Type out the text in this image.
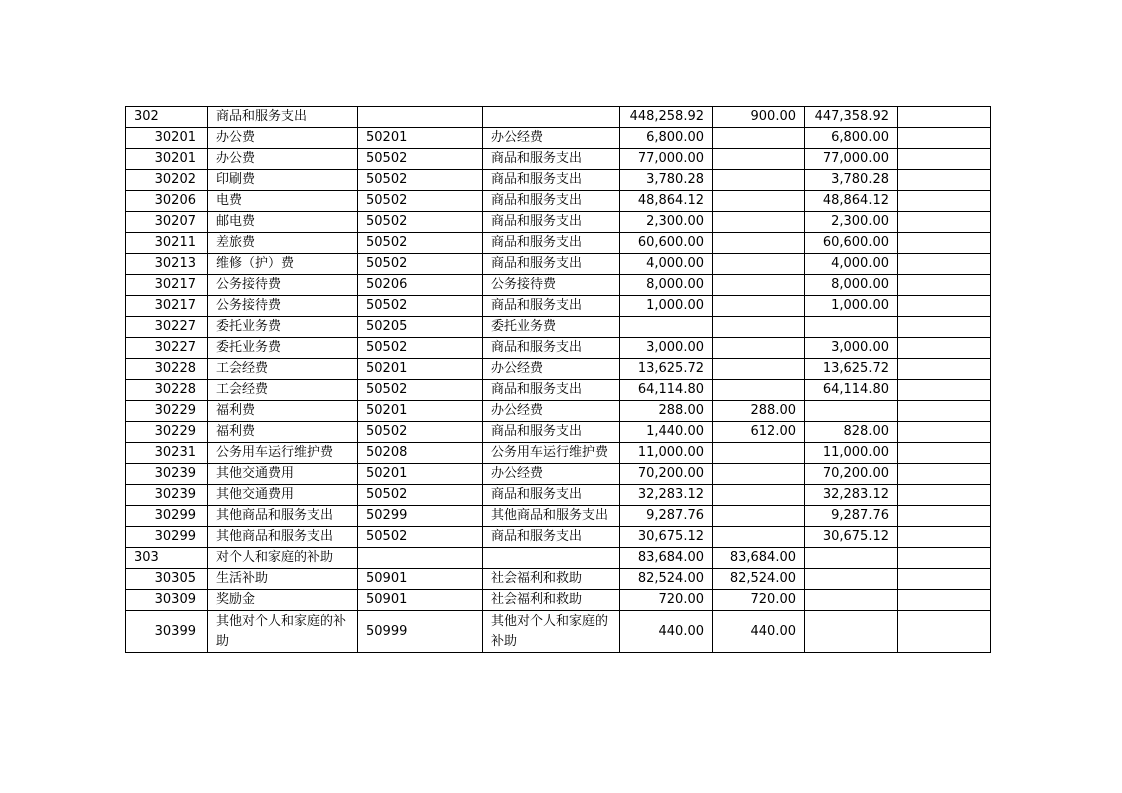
302	商品和服务支出			448,258.92	900.00	447,358.92	
30201	办公费	50201	办公经费	6,800.00		6,800.00	
30201	办公费	50502	商品和服务支出	77,000.00		77,000.00	
30202	印刷费	50502	商品和服务支出	3,780.28		3,780.28	
30206	电费	50502	商品和服务支出	48,864.12		48,864.12	
30207	邮电费	50502	商品和服务支出	2,300.00		2,300.00	
30211	差旅费	50502	商品和服务支出	60,600.00		60,600.00	
30213	维修（护）费	50502	商品和服务支出	4,000.00		4,000.00	
30217	公务接待费	50206	公务接待费	8,000.00		8,000.00	
30217	公务接待费	50502	商品和服务支出	1,000.00		1,000.00	
30227	委托业务费	50205	委托业务费				
30227	委托业务费	50502	商品和服务支出	3,000.00		3,000.00	
30228	工会经费	50201	办公经费	13,625.72		13,625.72	
30228	工会经费	50502	商品和服务支出	64,114.80		64,114.80	
30229	福利费	50201	办公经费	288.00	288.00		
30229	福利费	50502	商品和服务支出	1,440.00	612.00	828.00	
30231	公务用车运行维护费	50208	公务用车运行维护费	11,000.00		11,000.00	
30239	其他交通费用	50201	办公经费	70,200.00		70,200.00	
30239	其他交通费用	50502	商品和服务支出	32,283.12		32,283.12	
30299	其他商品和服务支出	50299	其他商品和服务支出	9,287.76		9,287.76	
30299	其他商品和服务支出	50502	商品和服务支出	30,675.12		30,675.12	
303	对个人和家庭的补助			83,684.00	83,684.00		
30305	生活补助	50901	社会福利和救助	82,524.00	82,524.00		
30309	奖励金	50901	社会福利和救助	720.00	720.00		
30399	其他对个人和家庭的补助	50999	其他对个人和家庭的补助	440.00	440.00		
